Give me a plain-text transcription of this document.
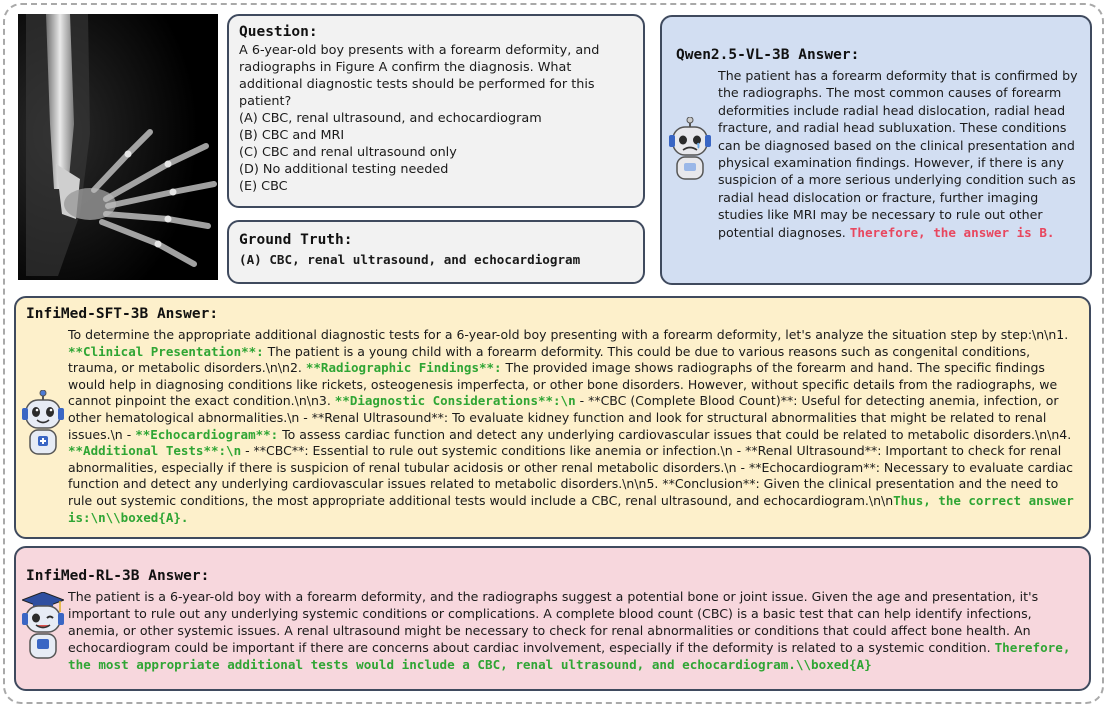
Question:
A 6-year-old boy presents with a forearm deformity, and radiographs in Figure A confirm the diagnosis. What additional diagnostic tests should be performed for this patient?
(A) CBC, renal ultrasound, and echocardiogram
(B) CBC and MRI
(C) CBC and renal ultrasound only
(D) No additional testing needed
(E) CBC
Ground Truth:
(A) CBC, renal ultrasound, and echocardiogram
Qwen2.5-VL-3B Answer:
The patient has a forearm deformity that is confirmed by the radiographs. The most common causes of forearm deformities include radial head dislocation, radial head fracture, and radial head subluxation. These conditions can be diagnosed based on the clinical presentation and physical examination findings. However, if there is any suspicion of a more serious underlying condition such as radial head dislocation or fracture, further imaging studies like MRI may be necessary to rule out other potential diagnoses. Therefore, the answer is B.
InfiMed-SFT-3B Answer:
To determine the appropriate additional diagnostic tests for a 6-year-old boy presenting with a forearm deformity, let's analyze the situation step by step:\n\n1. **Clinical Presentation**: The patient is a young child with a forearm deformity. This could be due to various reasons such as congenital conditions, trauma, or metabolic disorders.\n\n2. **Radiographic Findings**: The provided image shows radiographs of the forearm and hand. The specific findings would help in diagnosing conditions like rickets, osteogenesis imperfecta, or other bone disorders. However, without specific details from the radiographs, we cannot pinpoint the exact condition.\n\n3. **Diagnostic Considerations**:\n - **CBC (Complete Blood Count)**: Useful for detecting anemia, infection, or other hematological abnormalities.\n - **Renal Ultrasound**: To evaluate kidney function and look for structural abnormalities that might be related to renal issues.\n - **Echocardiogram**: To assess cardiac function and detect any underlying cardiovascular issues that could be related to metabolic disorders.\n\n4. **Additional Tests**:\n - **CBC**: Essential to rule out systemic conditions like anemia or infection.\n - **Renal Ultrasound**: Important to check for renal abnormalities, especially if there is suspicion of renal tubular acidosis or other renal metabolic disorders.\n - **Echocardiogram**: Necessary to evaluate cardiac function and detect any underlying cardiovascular issues related to metabolic disorders.\n\n5. **Conclusion**: Given the clinical presentation and the need to rule out systemic conditions, the most appropriate additional tests would include a CBC, renal ultrasound, and echocardiogram.\n\nThus, the correct answer is:\n\\boxed{A}.
InfiMed-RL-3B Answer:
The patient is a 6-year-old boy with a forearm deformity, and the radiographs suggest a potential bone or joint issue. Given the age and presentation, it's important to rule out any underlying systemic conditions or complications. A complete blood count (CBC) is a basic test that can help identify infections, anemia, or other systemic issues. A renal ultrasound might be necessary to check for renal abnormalities or conditions that could affect bone health. An echocardiogram could be important if there are concerns about cardiac involvement, especially if the deformity is related to a systemic condition. Therefore, the most appropriate additional tests would include a CBC, renal ultrasound, and echocardiogram.\\boxed{A}
